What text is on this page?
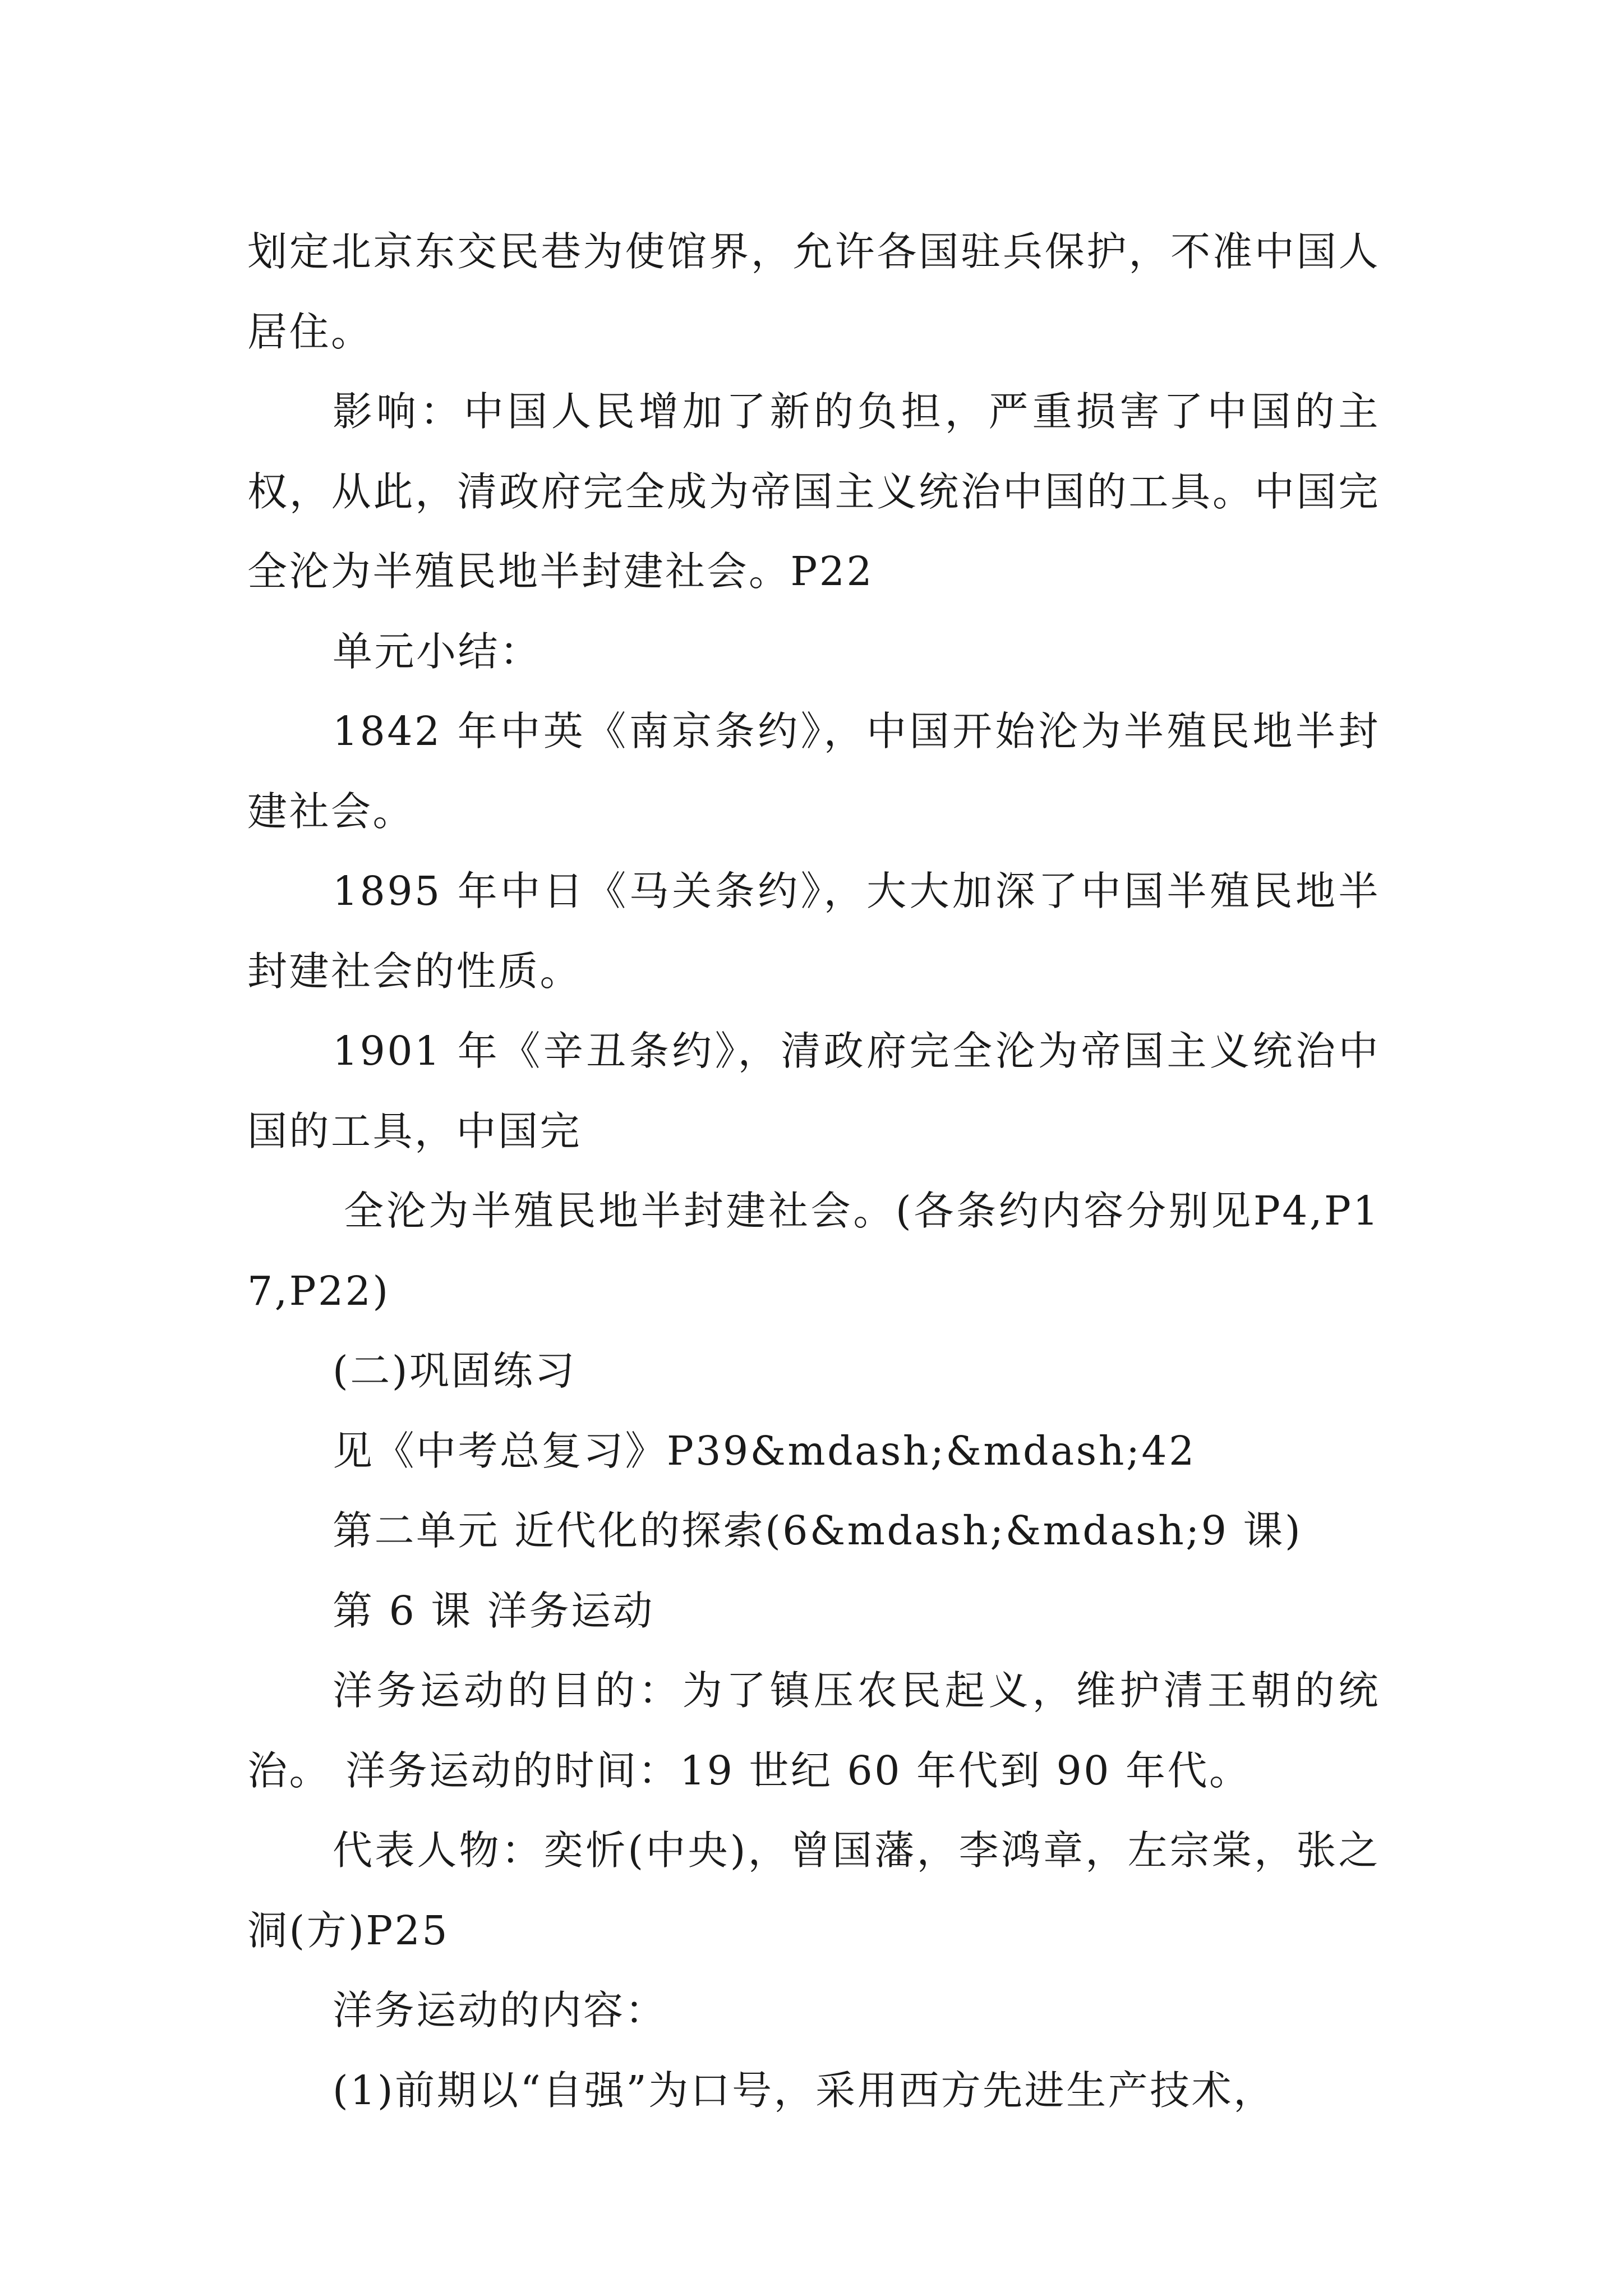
划定北京东交民巷为使馆界，允许各国驻兵保护，不准中国人居住。

影响：中国人民增加了新的负担，严重损害了中国的主权，从此，清政府完全成为帝国主义统治中国的工具。中国完全沦为半殖民地半封建社会。P22

单元小结：

1842 年中英《南京条约》，中国开始沦为半殖民地半封建社会。

1895 年中日《马关条约》，大大加深了中国半殖民地半封建社会的性质。

1901 年《辛丑条约》，清政府完全沦为帝国主义统治中国的工具，中国完

全沦为半殖民地半封建社会。(各条约内容分别见P4,P17,P22)

(二)巩固练习

见《中考总复习》P39&mdash;&mdash;42

第二单元 近代化的探索(6&mdash;&mdash;9 课)

第 6 课 洋务运动

洋务运动的目的：为了镇压农民起义，维护清王朝的统治。 洋务运动的时间：19 世纪 60 年代到 90 年代。

代表人物：奕忻(中央)，曾国藩，李鸿章，左宗棠，张之洞(方)P25

洋务运动的内容：

(1)前期以“自强”为口号，采用西方先进生产技术，
